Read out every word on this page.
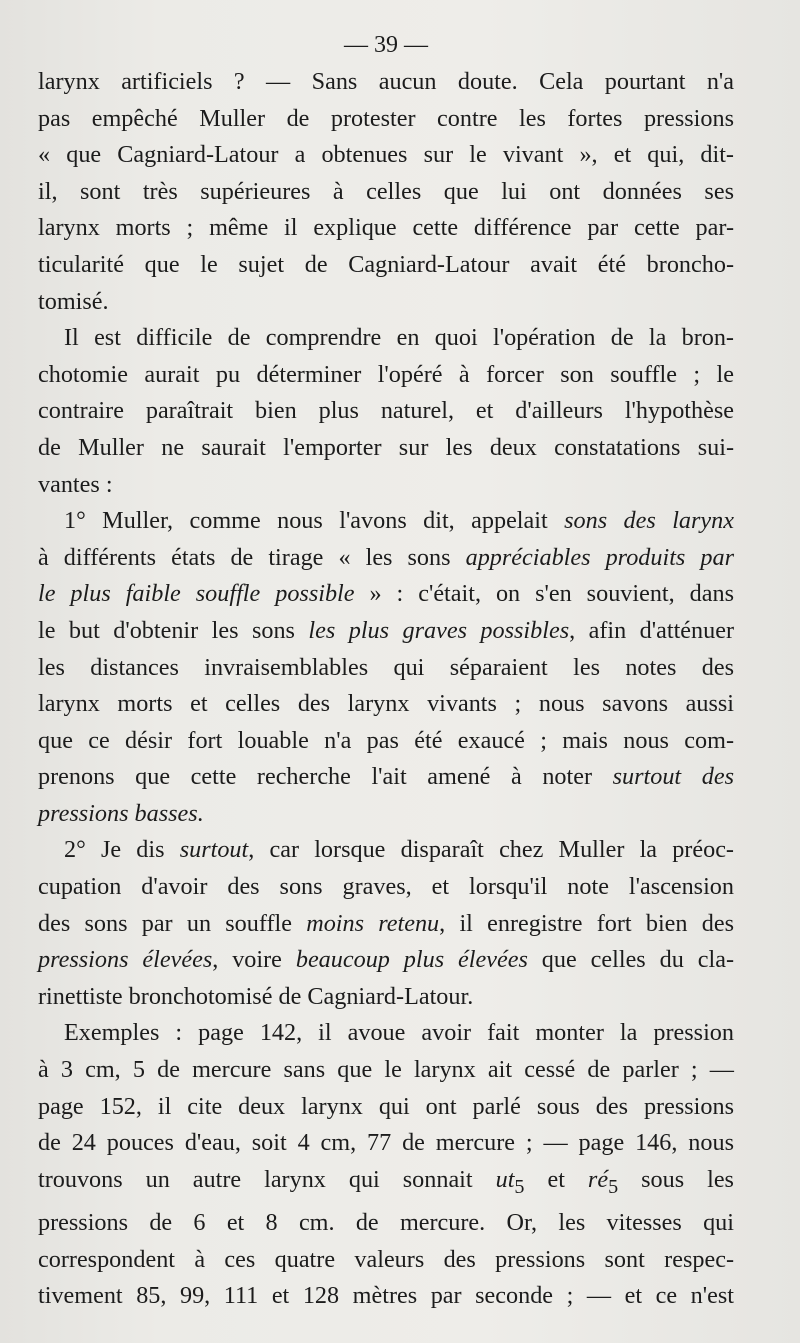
— 39 —
larynx artificiels ? — Sans aucun doute. Cela pourtant n'a
pas empêché Muller de protester contre les fortes pressions
« que Cagniard-Latour a obtenues sur le vivant », et qui, dit-
il, sont très supérieures à celles que lui ont données ses
larynx morts ; même il explique cette différence par cette par-
ticularité que le sujet de Cagniard-Latour avait été broncho-
tomisé.
Il est difficile de comprendre en quoi l'opération de la bron-
chotomie aurait pu déterminer l'opéré à forcer son souffle ; le
contraire paraîtrait bien plus naturel, et d'ailleurs l'hypothèse
de Muller ne saurait l'emporter sur les deux constatations sui-
vantes :
1° Muller, comme nous l'avons dit, appelait sons des larynx
à différents états de tirage « les sons appréciables produits par
le plus faible souffle possible » : c'était, on s'en souvient, dans
le but d'obtenir les sons les plus graves possibles, afin d'atténuer
les distances invraisemblables qui séparaient les notes des
larynx morts et celles des larynx vivants ; nous savons aussi
que ce désir fort louable n'a pas été exaucé ; mais nous com-
prenons que cette recherche l'ait amené à noter surtout des
pressions basses.
2° Je dis surtout, car lorsque disparaît chez Muller la préoc-
cupation d'avoir des sons graves, et lorsqu'il note l'ascension
des sons par un souffle moins retenu, il enregistre fort bien des
pressions élevées, voire beaucoup plus élevées que celles du cla-
rinettiste bronchotomisé de Cagniard-Latour.
Exemples : page 142, il avoue avoir fait monter la pression
à 3 cm, 5 de mercure sans que le larynx ait cessé de parler ; —
page 152, il cite deux larynx qui ont parlé sous des pressions
de 24 pouces d'eau, soit 4 cm, 77 de mercure ; — page 146, nous
trouvons un autre larynx qui sonnait $ut_5$ et $ré_5$ sous les
pressions de 6 et 8 cm. de mercure. Or, les vitesses qui
correspondent à ces quatre valeurs des pressions sont respec-
tivement 85, 99, 111 et 128 mètres par seconde ; — et ce n'est
